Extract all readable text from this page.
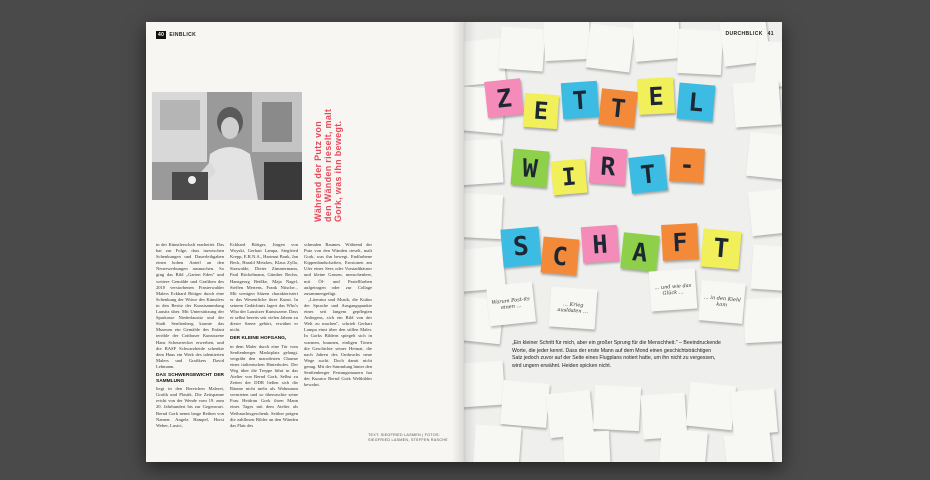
40 EINBLICK
Während der Putz von den Wänden rieselt, malt Gork, was ihn bewegt.

in der Künstlerschaft erarbeitet. Das hat zur Folge, dass inzwischen Schenkungen und Dauerleihgaben einen hohen Anteil an den Neuerwerbungen ausmachen. So ging das Bild „Garten Eden" und weitere Gemälde und Grafiken des 2010 verstorbenen Finsterwalder Malers Eckhard Böttger durch eine Schenkung der Witwe des Künstlers in den Besitz der Kunstsammlung Lausitz über. Mit Unterstützung der Sparkasse Niederlausitz und der Stadt Senftenberg konnte das Museum ein Gemälde des Enfant terrible der Cottbuser Kunstszene Hans Scheuerecker erwerben, und die BASF Schwarzheide schenkte dem Haus ein Werk des talentierten Malers und Grafikers David Lehmann.

DAS SCHWERGEWICHT DER SAMMLUNG

liegt in den Bereichen Malerei, Grafik und Plastik. Die Zeitspanne reicht von der Wende vom 19. zum 20. Jahrhundert bis zur Gegenwart. Bernd Gork nennt lange Reihen von Namen: Angela Hampel, Horst Weber, Lusici,

Eckhard Böttger, Jürgen von Woyski, Gerhart Lampa, Siegfried Krepp, E.R.N.A., Hartmut Bonk, Jan Beck, Harald Metzkes, Klaus Zylla, Strawalde, Dieter Zimmermann, Paul Böckelmann, Günther Rechn, Hansgeorg Beißke, Maja Nagel, Steffen Mertens, Frank Nitsche... Mit wenigen Sätzen charakterisiert er das Wesentliche ihrer Kunst. In seinem Gedächtnis lagert das Who's Who der Lausitzer Kunstszene. Dass er selbst bereits seit vielen Jahren zu dieser Szene gehört, erwähnt er nicht.

DER KLEINE HOFGANG,

in dem Maler durch eine Tür vom Senftenberger Marktplatz gelangt, vergräbt den marodesten Charme eines italienischen Hinterhofes. Der Weg über die Treppe führt in das Atelier von Bernd Gork. Selbst zu Zeiten der DDR ließen sich die Räume nicht mehr als Wohnraum vermieten und so überraschte seine Frau Heidrun Gork ihren Mann eines Tages mit dem Atelier als Weihnachtsgeschenk. Seither prägen die zahllosen Bilder an den Wänden das Flair des

schmalen Raumes. Während der Putz von den Wänden rieselt, malt Gork, was ihn bewegt. Endfarbene Kippenlandschaften, Erosionen am Ufer eines Sees oder Vorstadthäuser und kleine Gassen, menschenleer, mit Öl- und Pastellfarben aufgetragen oder zur Collage zusammengefügt.

„Literatur und Musik, die Kultur der Sprache und Ausgangspunkte eines seit langem gepflegten Anliegens, sich ein Bild von der Welt zu machen", schrieb Gerhart Lampa einst über den stillen Maler. In Gorks Bildern spiegelt sich in warmen, braunen, einligen Tönen die Geschichte seiner Heimat, die nach Jahren des Umbruchs neue Wege sucht. Doch damit nicht genug. Mit der Sammlung hinter den Senftenberger Festungsmauern hat der Kurator Bernd Gork Weltbilder bewahrt.

TEXT: SIEGFRIED LASMEN | FOTOS: SIEGFRIED LASMEN, STEFFEN RASCHE
DURCHBLICK 41
Z E T T E L
W I R T -
S C H A F T
Warum Post-its einen …	… Krieg auslösten …
… und wie das Glück …
… in den Kiehl kam
„Ein kleiner Schritt für mich, aber ein großer Sprung für die Menschheit." – Beeindruckende Worte, die jeder kennt. Dass der erste Mann auf dem Mond einen geschichtsträchtigen Satz jedoch zuvor auf der Seite eines Flugplans notiert hatte, um ihn nicht zu vergessen, wird ungern erwähnt. Heiden spicken nicht.
